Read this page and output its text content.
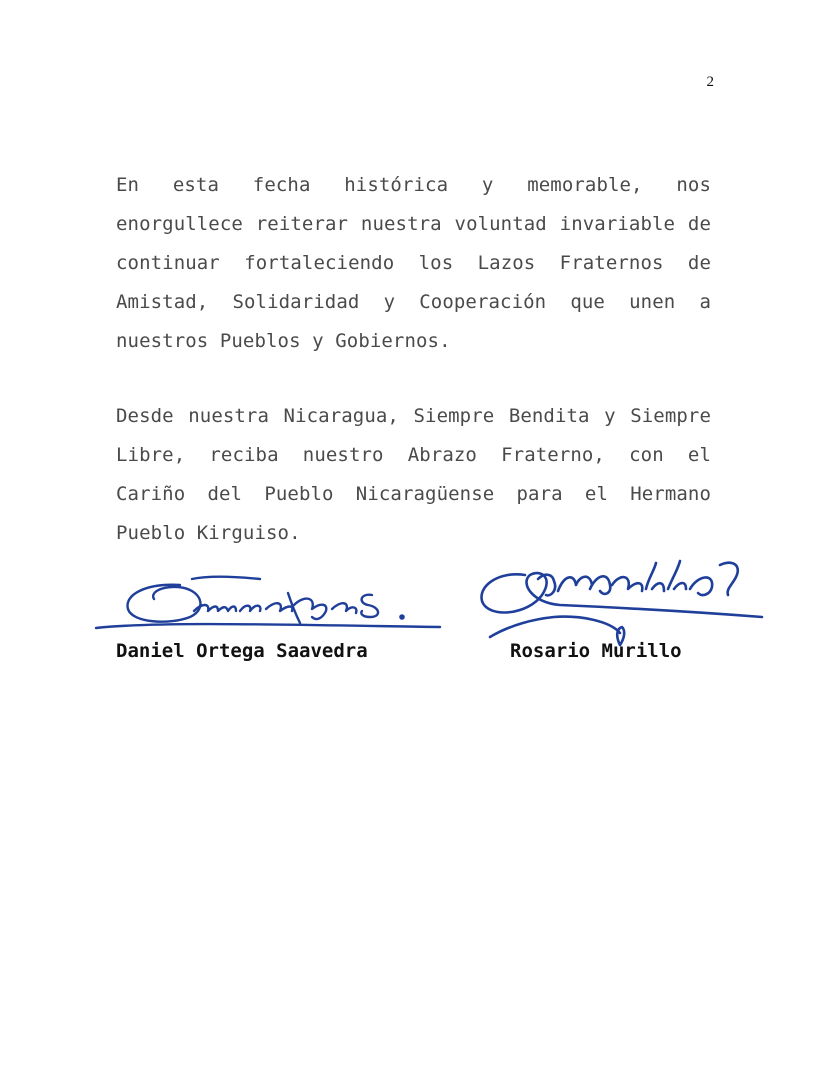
2

En esta fecha histórica y memorable, nos enorgullece reiterar nuestra voluntad invariable de continuar fortaleciendo los Lazos Fraternos de Amistad, Solidaridad y Cooperación que unen a nuestros Pueblos y Gobiernos.

Desde nuestra Nicaragua, Siempre Bendita y Siempre Libre, reciba nuestro Abrazo Fraterno, con el Cariño del Pueblo Nicaragüense para el Hermano Pueblo Kirguiso.

Daniel Ortega Saavedra	Rosario Murillo
